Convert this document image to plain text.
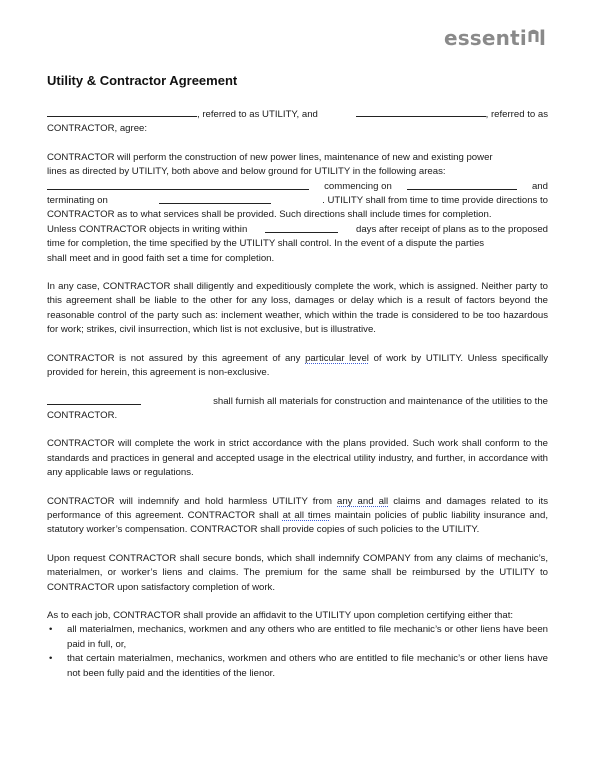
essenti l
Utility & Contractor Agreement

, referred to as UTILITY, and	, referred to as
CONTRACTOR, agree:

CONTRACTOR will perform the construction of new power lines, maintenance of new and existing power
lines as directed by UTILITY, both above and below ground for UTILITY in the following areas:
commencing on	and
terminating on	. UTILITY shall from time to time provide directions to
CONTRACTOR as to what services shall be provided. Such directions shall include times for completion.
Unless CONTRACTOR objects in writing within	days after receipt of plans as to the proposed
time for completion, the time specified by the UTILITY shall control. In the event of a dispute the parties
shall meet and in good faith set a time for completion.

In any case, CONTRACTOR shall diligently and expeditiously complete the work, which is assigned. Neither party to this agreement shall be liable to the other for any loss, damages or delay which is a result of factors beyond the reasonable control of the party such as: inclement weather, which within the trade is considered to be too hazardous for work; strikes, civil insurrection, which list is not exclusive, but is illustrative.

CONTRACTOR is not assured by this agreement of any particular level of work by UTILITY. Unless specifically provided for herein, this agreement is non-exclusive.

shall furnish all materials for construction and maintenance of the utilities to the
CONTRACTOR.

CONTRACTOR will complete the work in strict accordance with the plans provided. Such work shall conform to the standards and practices in general and accepted usage in the electrical utility industry, and further, in accordance with any applicable laws or regulations.

CONTRACTOR will indemnify and hold harmless UTILITY from any and all claims and damages related to its performance of this agreement. CONTRACTOR shall at all times maintain policies of public liability insurance and, statutory worker’s compensation. CONTRACTOR shall provide copies of such policies to the UTILITY.

Upon request CONTRACTOR shall secure bonds, which shall indemnify COMPANY from any claims of mechanic’s, materialmen, or worker’s liens and claims. The premium for the same shall be reimbursed by the UTILITY to CONTRACTOR upon satisfactory completion of work.

As to each job, CONTRACTOR shall provide an affidavit to the UTILITY upon completion certifying either that:
• all materialmen, mechanics, workmen and any others who are entitled to file mechanic’s or other liens have been paid in full, or,
• that certain materialmen, mechanics, workmen and others who are entitled to file mechanic’s or other liens have not been fully paid and the identities of the lienor.
